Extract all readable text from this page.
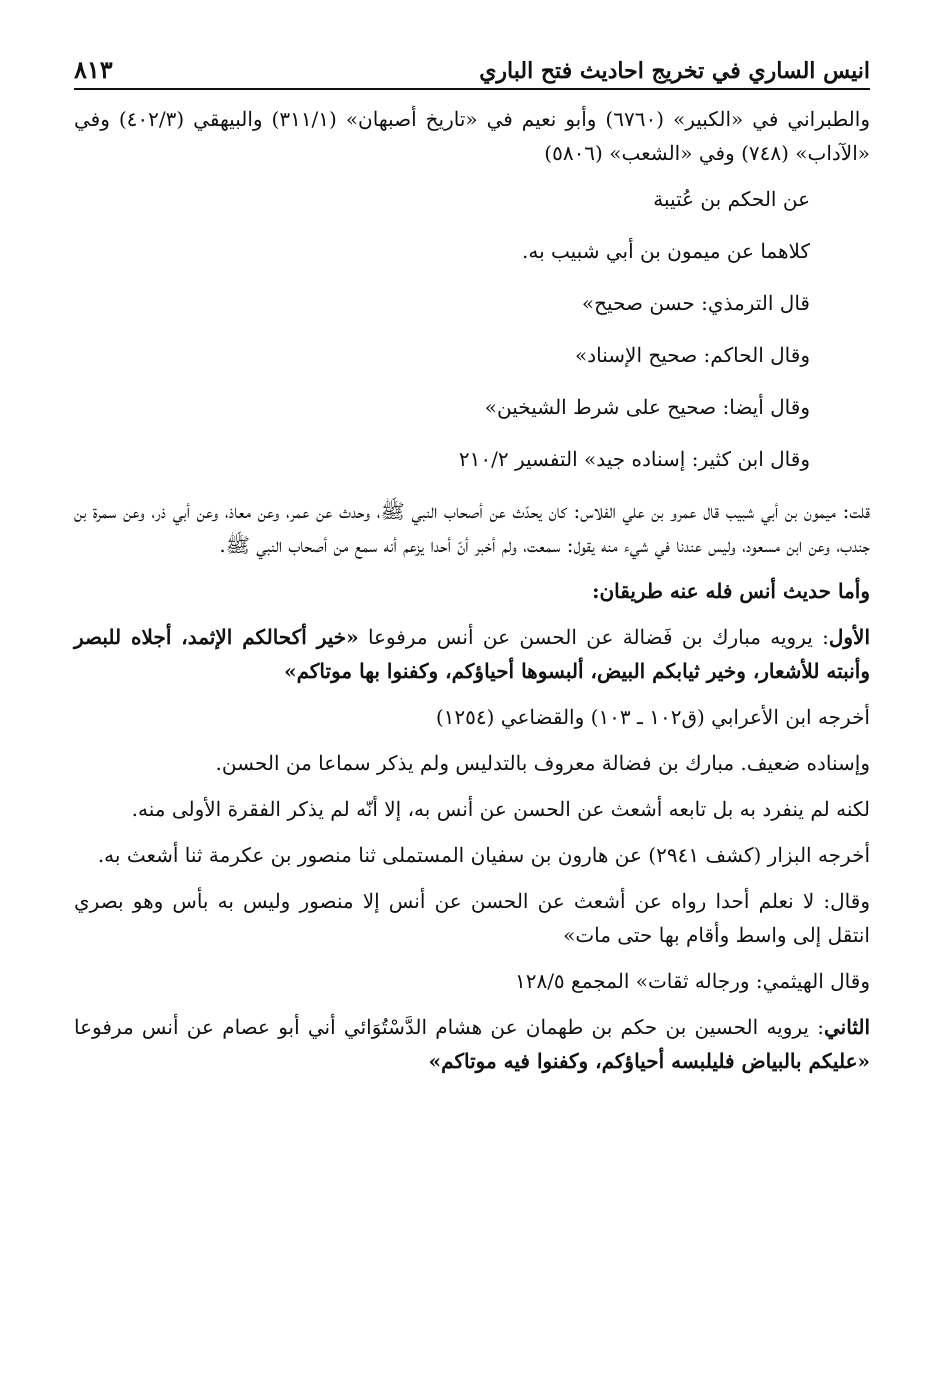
انيس الساري في تخريج احاديث فتح الباري
٨١٣

والطبراني في «الكبير» (٦٧٦٠) وأبو نعيم في «تاريخ أصبهان» (٣١١/١) والبيهقي (٤٠٢/٣) وفي «الآداب» (٧٤٨) وفي «الشعب» (٥٨٠٦)

عن الحكم بن عُتيبة

كلاهما عن ميمون بن أبي شبيب به.

قال الترمذي: حسن صحيح»

وقال الحاكم: صحيح الإسناد»

وقال أيضا: صحيح على شرط الشيخين»

وقال ابن كثير: إسناده جيد» التفسير ٢١٠/٢

قلت: ميمون بن أبي شبيب قال عمرو بن علي الفلاس: كان يحدّث عن أصحاب النبي ﷺ، وحدث عن عمر، وعن معاذ، وعن أبي ذر، وعن سمرة بن جندب، وعن ابن مسعود، وليس عندنا في شيء منه يقول: سمعت، ولم أخبر أنّ أحدا يزعم أنه سمع من أصحاب النبي ﷺ.

وأما حديث أنس فله عنه طريقان:

الأول: يرويه مبارك بن فَضالة عن الحسن عن أنس مرفوعا «خير أكحالكم الإثمد، أجلاه للبصر وأنبته للأشعار، وخير ثيابكم البيض، ألبسوها أحياؤكم، وكفنوا بها موتاكم»

أخرجه ابن الأعرابي (ق١٠٢ ـ ١٠٣) والقضاعي (١٢٥٤)

وإسناده ضعيف. مبارك بن فضالة معروف بالتدليس ولم يذكر سماعا من الحسن.

لكنه لم ينفرد به بل تابعه أشعث عن الحسن عن أنس به، إلا أنّه لم يذكر الفقرة الأولى منه.

أخرجه البزار (كشف ٢٩٤١) عن هارون بن سفيان المستملى ثنا منصور بن عكرمة ثنا أشعث به.

وقال: لا نعلم أحدا رواه عن أشعث عن الحسن عن أنس إلا منصور وليس به بأس وهو بصري انتقل إلى واسط وأقام بها حتى مات»

وقال الهيثمي: ورجاله ثقات» المجمع ١٢٨/٥

الثاني: يرويه الحسين بن حكم بن طهمان عن هشام الدَّسْتُوَائي أني أبو عصام عن أنس مرفوعا «عليكم بالبياض فليلبسه أحياؤكم، وكفنوا فيه موتاكم»
